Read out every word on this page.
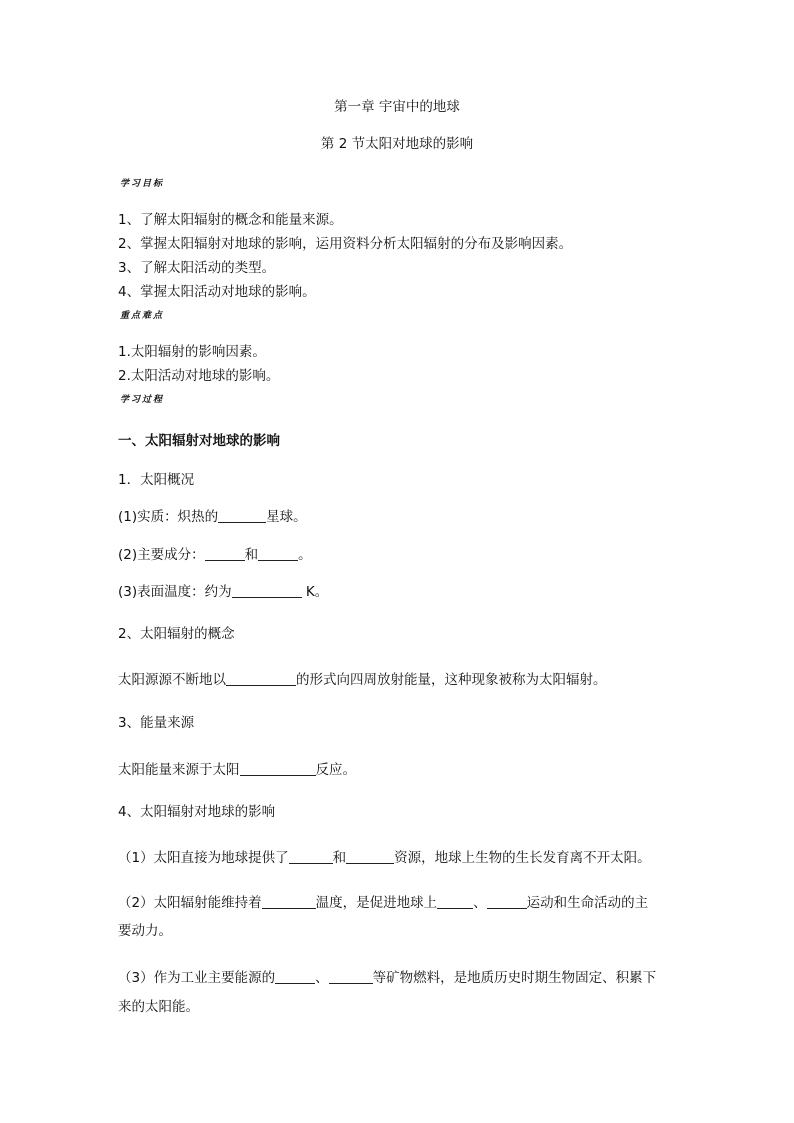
第一章 宇宙中的地球
第 2 节太阳对地球的影响
学习目标
1、了解太阳辐射的概念和能量来源。
2、掌握太阳辐射对地球的影响，运用资料分析太阳辐射的分布及影响因素。
3、了解太阳活动的类型。
4、掌握太阳活动对地球的影响。
重点难点
1.太阳辐射的影响因素。
2.太阳活动对地球的影响。
学习过程
一、太阳辐射对地球的影响
1．太阳概况
(1)实质：炽热的	星球。
(2)主要成分：	和	。
(3)表面温度：约为	K。
2、太阳辐射的概念
太阳源源不断地以	的形式向四周放射能量，这种现象被称为太阳辐射。
3、能量来源
太阳能量来源于太阳	反应。
4、太阳辐射对地球的影响
（1）太阳直接为地球提供了	和	资源，地球上生物的生长发育离不开太阳。
（2）太阳辐射能维持着	温度，是促进地球上	、	运动和生命活动的主
要动力。
（3）作为工业主要能源的	、	等矿物燃料，是地质历史时期生物固定、积累下
来的太阳能。
